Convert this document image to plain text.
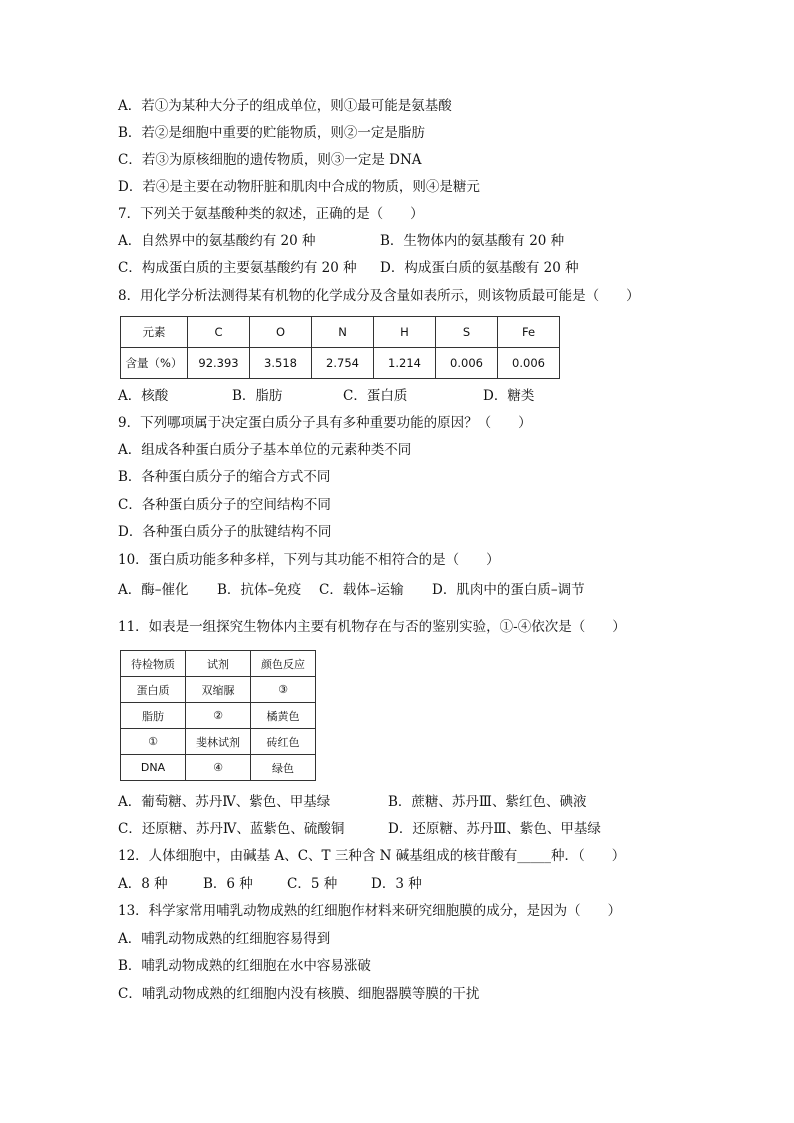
A．若①为某种大分子的组成单位，则①最可能是氨基酸
B．若②是细胞中重要的贮能物质，则②一定是脂肪
C．若③为原核细胞的遗传物质，则③一定是 DNA
D．若④是主要在动物肝脏和肌肉中合成的物质，则④是糖元
7．下列关于氨基酸种类的叙述，正确的是（　　）
A．自然界中的氨基酸约有 20 种	B．生物体内的氨基酸有 20 种
C．构成蛋白质的主要氨基酸约有 20 种 D．构成蛋白质的氨基酸有 20 种
8．用化学分析法测得某有机物的化学成分及含量如表所示，则该物质最可能是（　　）
元素	C	O	N	H	S	Fe
含量（%）	92.393	3.518	2.754	1.214	0.006	0.006
A．核酸	B．脂肪	C．蛋白质	D．糖类
9．下列哪项属于决定蛋白质分子具有多种重要功能的原因？（　　）
A．组成各种蛋白质分子基本单位的元素种类不同
B．各种蛋白质分子的缩合方式不同
C．各种蛋白质分子的空间结构不同
D．各种蛋白质分子的肽键结构不同
10．蛋白质功能多种多样，下列与其功能不相符合的是（　　）
A．酶–催化 B．抗体–免疫 C．载体–运输 D．肌肉中的蛋白质–调节
11．如表是一组探究生物体内主要有机物存在与否的鉴别实验，①-④依次是（　　）
待检物质	试剂	颜色反应
蛋白质	双缩脲	③
脂肪	②	橘黄色
①	斐林试剂	砖红色
DNA	④	绿色
A．葡萄糖、苏丹Ⅳ、紫色、甲基绿	B．蔗糖、苏丹Ⅲ、紫红色、碘液
C．还原糖、苏丹Ⅳ、蓝紫色、硫酸铜	D．还原糖、苏丹Ⅲ、紫色、甲基绿
12．人体细胞中，由碱基 A、C、T 三种含 N 碱基组成的核苷酸有_____种．（　　）
A．8 种	B．6 种	C．5 种	D．3 种
13．科学家常用哺乳动物成熟的红细胞作材料来研究细胞膜的成分，是因为（　　）
A．哺乳动物成熟的红细胞容易得到
B．哺乳动物成熟的红细胞在水中容易涨破
C．哺乳动物成熟的红细胞内没有核膜、细胞器膜等膜的干扰
